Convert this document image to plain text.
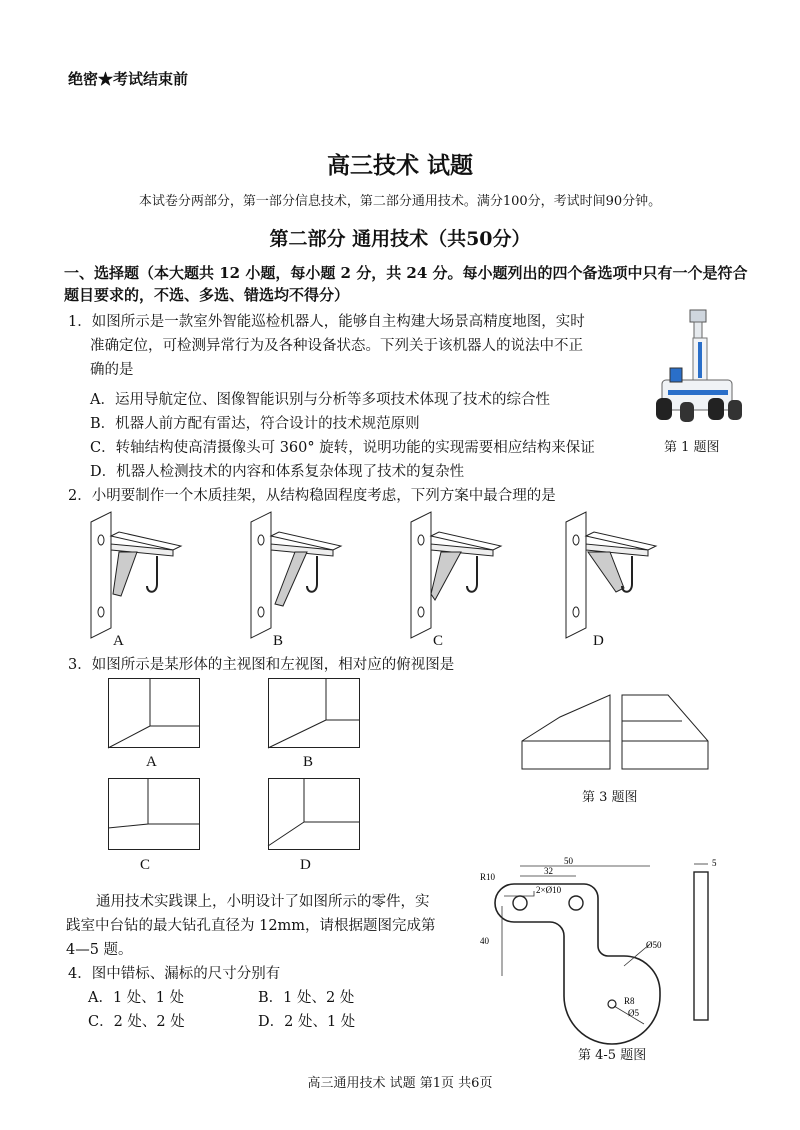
绝密★考试结束前
高三技术 试题
本试卷分两部分，第一部分信息技术，第二部分通用技术。满分100分，考试时间90分钟。
第二部分 通用技术（共50分）
一、选择题（本大题共 12 小题，每小题 2 分，共 24 分。每小题列出的四个备选项中只有一个是符合题目要求的，不选、多选、错选均不得分）
1．如图所示是一款室外智能巡检机器人，能够自主构建大场景高精度地图，实时
准确定位，可检测异常行为及各种设备状态。下列关于该机器人的说法中不正
确的是
A．运用导航定位、图像智能识别与分析等多项技术体现了技术的综合性
B．机器人前方配有雷达，符合设计的技术规范原则
C．转轴结构使高清摄像头可 360° 旋转，说明功能的实现需要相应结构来保证
D．机器人检测技术的内容和体系复杂体现了技术的复杂性
第 1 题图
2．小明要制作一个木质挂架，从结构稳固程度考虑，下列方案中最合理的是
A	B	C	D
3．如图所示是某形体的主视图和左视图，相对应的俯视图是
A	B
C	D
第 3 题图
通用技术实践课上，小明设计了如图所示的零件，实
践室中台钻的最大钻孔直径为 12mm，请根据题图完成第
4—5 题。
4．图中错标、漏标的尺寸分别有
A．1 处、1 处	B．1 处、2 处
C．2 处、2 处	D．2 处、1 处
50
32
R10
2×Ø10
40	Ø50
R8
Ø5
5
第 4-5 题图
高三通用技术 试题 第1页 共6页
